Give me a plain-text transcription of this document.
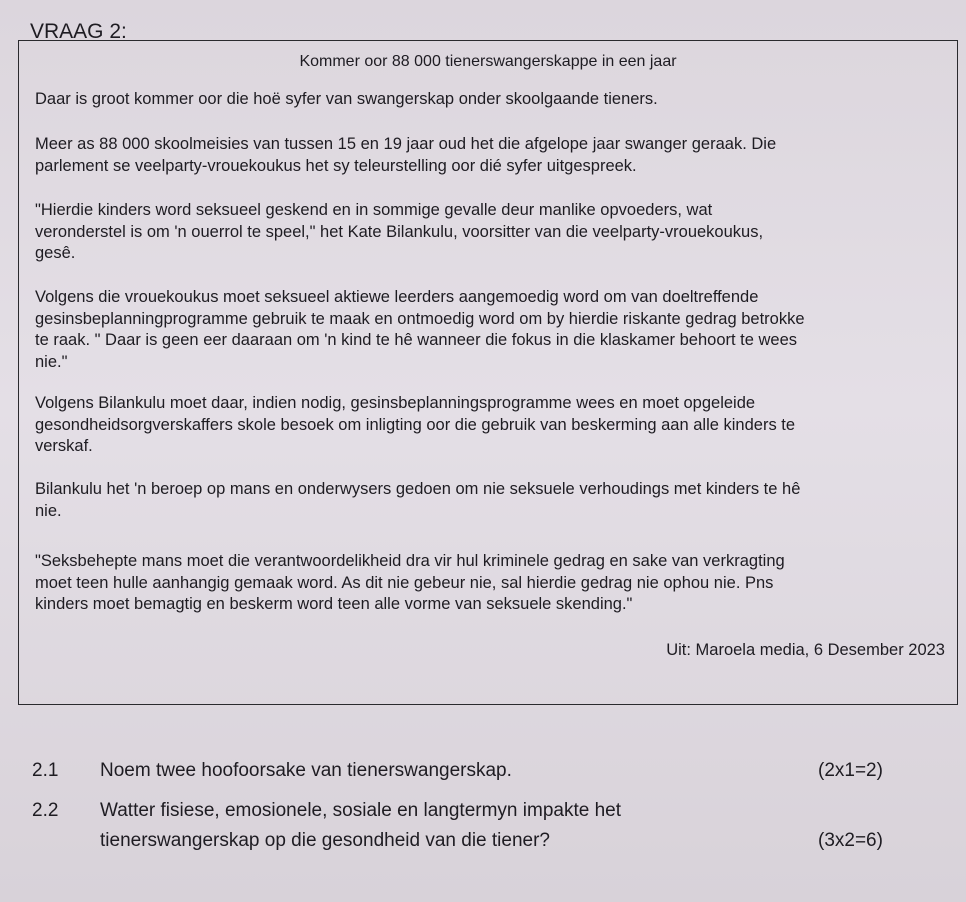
VRAAG 2:
Kommer oor 88 000 tienerswangerskappe in een jaar
Daar is groot kommer oor die hoë syfer van swangerskap onder skoolgaande tieners.
Meer as 88 000 skoolmeisies van tussen 15 en 19 jaar oud het die afgelope jaar swanger geraak. Die
parlement se veelparty-vrouekoukus het sy teleurstelling oor dié syfer uitgespreek.
"Hierdie kinders word seksueel geskend en in sommige gevalle deur manlike opvoeders, wat
veronderstel is om 'n ouerrol te speel," het Kate Bilankulu, voorsitter van die veelparty-vrouekoukus,
gesê.
Volgens die vrouekoukus moet seksueel aktiewe leerders aangemoedig word om van doeltreffende
gesinsbeplanningprogramme gebruik te maak en ontmoedig word om by hierdie riskante gedrag betrokke
te raak. " Daar is geen eer daaraan om 'n kind te hê wanneer die fokus in die klaskamer behoort te wees
nie."
Volgens Bilankulu moet daar, indien nodig, gesinsbeplanningsprogramme wees en moet opgeleide
gesondheidsorgverskaffers skole besoek om inligting oor die gebruik van beskerming aan alle kinders te
verskaf.
Bilankulu het 'n beroep op mans en onderwysers gedoen om nie seksuele verhoudings met kinders te hê
nie.
"Seksbehepte mans moet die verantwoordelikheid dra vir hul kriminele gedrag en sake van verkragting
moet teen hulle aanhangig gemaak word. As dit nie gebeur nie, sal hierdie gedrag nie ophou nie. Pns
kinders moet bemagtig en beskerm word teen alle vorme van seksuele skending."
Uit: Maroela media, 6 Desember 2023
2.1 Noem twee hoofoorsake van tienerswangerskap.	(2x1=2)
2.2 Watter fisiese, emosionele, sosiale en langtermyn impakte het
tienerswangerskap op die gesondheid van die tiener?	(3x2=6)
